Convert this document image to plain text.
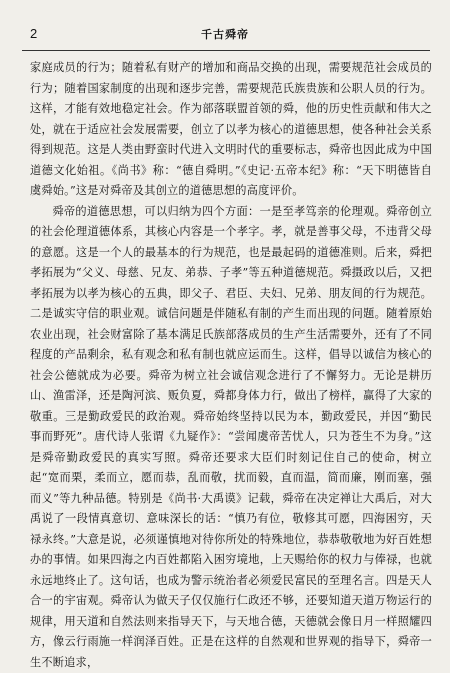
2	千古舜帝

家庭成员的行为；随着私有财产的增加和商品交换的出现，需要规范社会成员的行为；随着国家制度的出现和逐步完善，需要规范氏族贵族和公职人员的行为。这样，才能有效地稳定社会。作为部落联盟首领的舜，他的历史性贡献和伟大之处，就在于适应社会发展需要，创立了以孝为核心的道德思想，使各种社会关系得到规范。这是人类由野蛮时代进入文明时代的重要标志，舜帝也因此成为中国道德文化始祖。《尚书》称：“德自舜明。”《史记·五帝本纪》称：“天下明德皆自虞舜始。”这是对舜帝及其创立的道德思想的高度评价。

舜帝的道德思想，可以归纳为四个方面：一是至孝笃亲的伦理观。舜帝创立的社会伦理道德体系，其核心内容是一个孝字。孝，就是善事父母，不违背父母的意愿。这是一个人的最基本的行为规范，也是最起码的道德准则。后来，舜把孝拓展为“父义、母慈、兄友、弟恭、子孝”等五种道德规范。舜摄政以后，又把孝拓展为以孝为核心的五典，即父子、君臣、夫妇、兄弟、朋友间的行为规范。二是诚实守信的职业观。诚信问题是伴随私有制的产生而出现的问题。随着原始农业出现，社会财富除了基本满足氏族部落成员的生产生活需要外，还有了不同程度的产品剩余，私有观念和私有制也就应运而生。这样，倡导以诚信为核心的社会公德就成为必要。舜帝为树立社会诚信观念进行了不懈努力。无论是耕历山、渔雷泽，还是陶河滨、贩负夏，舜都身体力行，做出了榜样，赢得了大家的敬重。三是勤政爱民的政治观。舜帝始终坚持以民为本，勤政爱民，并因“勤民事而野死”。唐代诗人张谓《九疑作》：“尝闻虞帝苦忧人，只为苍生不为身。”这是舜帝勤政爱民的真实写照。舜帝还要求大臣们时刻记住自己的使命，树立起“宽而栗，柔而立，愿而恭，乱而敬，扰而毅，直而温，简而廉，刚而塞，强而义”等九种品德。特别是《尚书·大禹谟》记载，舜帝在决定禅让大禹后，对大禹说了一段情真意切、意味深长的话：“慎乃有位，敬修其可愿，四海困穷，天禄永终。”大意是说，必须谨慎地对待你所处的特殊地位，恭恭敬敬地为好百姓想办的事情。如果四海之内百姓都陷入困穷境地，上天赐给你的权力与俸禄，也就永远地终止了。这句话，也成为警示统治者必须爱民富民的至理名言。四是天人合一的宇宙观。舜帝认为做天子仅仅施行仁政还不够，还要知道天道万物运行的规律，用天道和自然法则来指导天下，与天地合德，天德就会像日月一样照耀四方，像云行雨施一样润泽百姓。正是在这样的自然观和世界观的指导下，舜帝一生不断追求，
